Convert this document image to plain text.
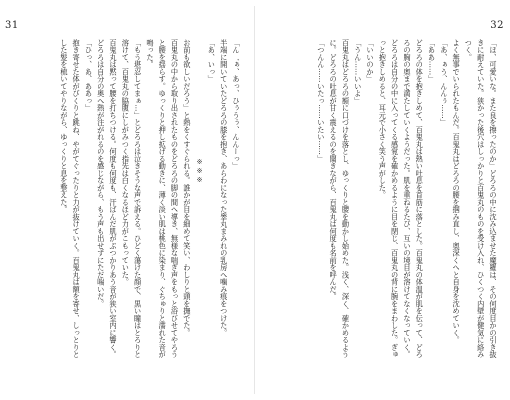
31
「ん゛ぁ、あっ、ひぅうぅ、んんーっ」
半端に開いていたどろろの膝を抱き、あらわになった睾丸まみれの乳房へ噛み痕をつけた。
「あ、いっ」
※※※
お前も欲しいだろう」と熱をくすぐられる。誰かが目を細めて笑い、わしりと頭を撫でた。
百鬼丸の中から取り出されたものをどろろの脚の間へ導き、無様な喘ぎ声をもっと浴びせてやろうと腰を揺らす。ゆっくりと押し拡げる動きに、薄く淡い肌は桃色に染まり、ぐちゅりと濡れた音が鳴った。
「もう堪忍してまぁ…」とどろろは泣きそうな声で訴える。ひどく蕩けた顔で、黒い瞳はとろりと溶けて、百鬼丸の脇腹にしがみつく指先は白くなるほど力がこもっていた。
百鬼丸は黙って腰を打ちつける。何度も何度も、汗ばんだ肌がぶつかりあう音が狭い室内に響く。どろろは自分の奥へ熱が注がれるのを感じながら、もう声も出せずにただ喘いだ。
「ひっ、あ、ああっ」
抱き寄せた体がびくりと跳ね、やがてぐったりと力が抜けていく。百鬼丸は額を寄せ、しっとりとした髪を梳いてやりながら、ゆっくりと息を整えた。
32
「ほ、可愛いな。また良を擦ったのか」どろろの中に沈み込ませた魔羅は、その何度目かの引き抜きに耐えていた。狭かった後穴はしっかりと百鬼丸のものを受け入れ、ひくつく内壁が健気に絡みつく。
よく無事でいられたもんだ。百鬼丸はどろろの腰を掴み直し、奥深くへと自身を沈めていく。
「あ、ぁう、んんぅ……」
「ああ……」
どろろの体を抱きしめて、百鬼丸は熱い吐息を首筋に落とした。百鬼丸の体温が肌を伝って、どろろの胸の奥まで満たしていくようだった。肌を重ねるたび、互いの境目が溶けてなくなっていく。
どろろは自分の中に入ってくる感覚を確かめるように目を閉じ、百鬼丸の背に腕をまわした。ぎゅっと抱きしめると、耳元で小さく笑う声がした。
「いいのか」
「うん……いいよ」
百鬼丸はどろろの額に口づけを落とし、ゆっくりと腰を動かし始めた。浅く、深く、確かめるように。どろろの吐息が甘く震えるのを聞きながら、百鬼丸は何度も名前を呼んだ。
「つんん……いたっ……いたい……」
